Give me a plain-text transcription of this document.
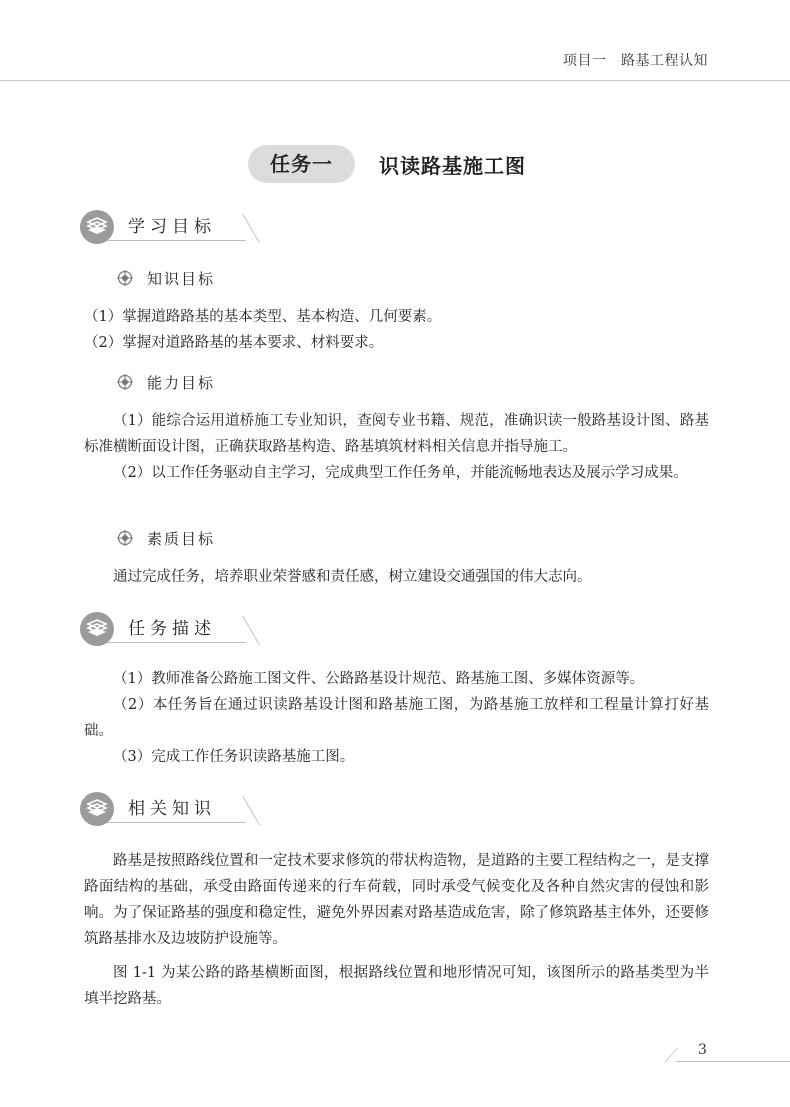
项目一　路基工程认知
任务一	识读路基施工图
学习目标
知识目标

（1）掌握道路路基的基本类型、基本构造、几何要素。

（2）掌握对道路路基的基本要求、材料要求。

能力目标

（1）能综合运用道桥施工专业知识，查阅专业书籍、规范，准确识读一般路基设计图、路基标准横断面设计图，正确获取路基构造、路基填筑材料相关信息并指导施工。

（2）以工作任务驱动自主学习，完成典型工作任务单，并能流畅地表达及展示学习成果。

素质目标

通过完成任务，培养职业荣誉感和责任感，树立建设交通强国的伟大志向。

任务描述

（1）教师准备公路施工图文件、公路路基设计规范、路基施工图、多媒体资源等。

（2）本任务旨在通过识读路基设计图和路基施工图，为路基施工放样和工程量计算打好基础。

（3）完成工作任务识读路基施工图。

相关知识

路基是按照路线位置和一定技术要求修筑的带状构造物，是道路的主要工程结构之一，是支撑路面结构的基础，承受由路面传递来的行车荷载，同时承受气候变化及各种自然灾害的侵蚀和影响。为了保证路基的强度和稳定性，避免外界因素对路基造成危害，除了修筑路基主体外，还要修筑路基排水及边坡防护设施等。

图 1-1 为某公路的路基横断面图，根据路线位置和地形情况可知，该图所示的路基类型为半填半挖路基。

3
